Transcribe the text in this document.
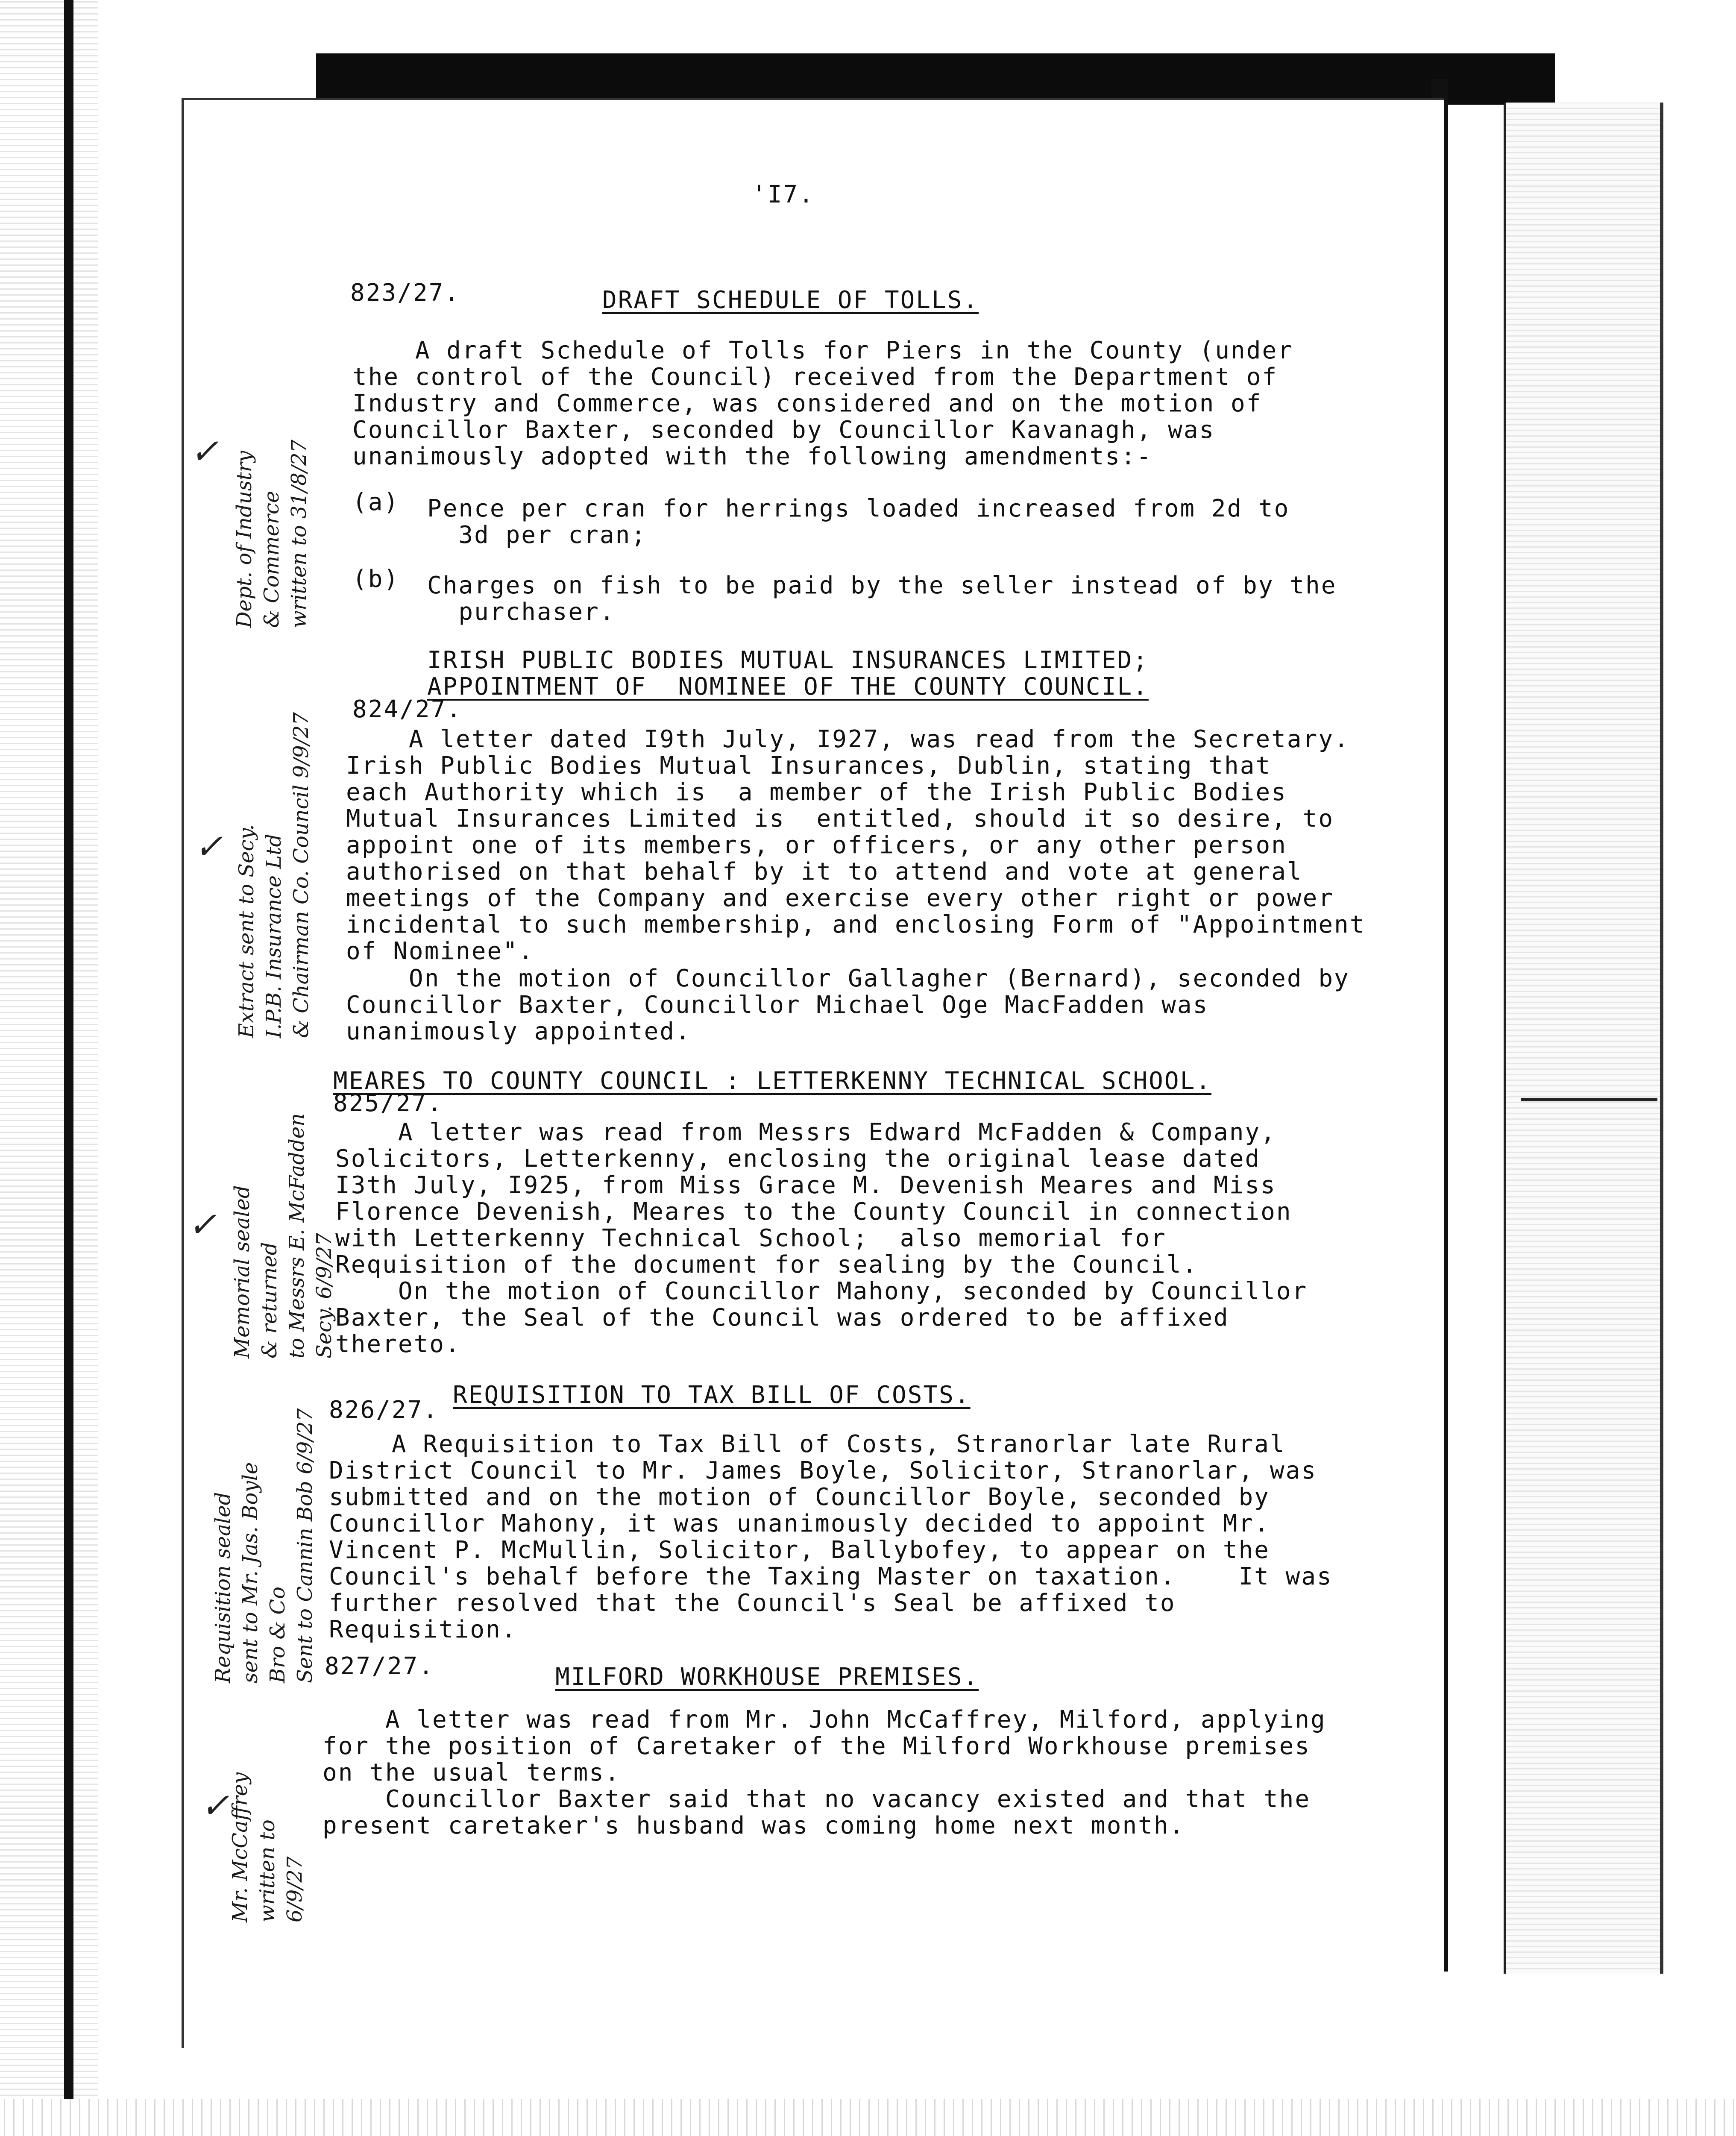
'I7.
823/27.	DRAFT SCHEDULE OF TOLLS.
A draft Schedule of Tolls for Piers in the County (under
the control of the Council) received from the Department of
Industry and Commerce, was considered and on the motion of
Councillor Baxter, seconded by Councillor Kavanagh, was
unanimously adopted with the following amendments:-
(a) Pence per cran for herrings loaded increased from 2d to
3d per cran;
(b) Charges on fish to be paid by the seller instead of by the
purchaser.
IRISH PUBLIC BODIES MUTUAL INSURANCES LIMITED;
APPOINTMENT OF  NOMINEE OF THE COUNTY COUNCIL.
824/27.
A letter dated I9th July, I927, was read from the Secretary.
Irish Public Bodies Mutual Insurances, Dublin, stating that
each Authority which is  a member of the Irish Public Bodies
Mutual Insurances Limited is  entitled, should it so desire, to
appoint one of its members, or officers, or any other person
authorised on that behalf by it to attend and vote at general
meetings of the Company and exercise every other right or power
incidental to such membership, and enclosing Form of "Appointment
of Nominee".
On the motion of Councillor Gallagher (Bernard), seconded by
Councillor Baxter, Councillor Michael Oge MacFadden was
unanimously appointed.
MEARES TO COUNTY COUNCIL : LETTERKENNY TECHNICAL SCHOOL.
825/27.
A letter was read from Messrs Edward McFadden & Company,
Solicitors, Letterkenny, enclosing the original lease dated
I3th July, I925, from Miss Grace M. Devenish Meares and Miss
Florence Devenish, Meares to the County Council in connection
with Letterkenny Technical School;  also memorial for
Requisition of the document for sealing by the Council.
On the motion of Councillor Mahony, seconded by Councillor
Baxter, the Seal of the Council was ordered to be affixed
thereto.
826/27.
REQUISITION TO TAX BILL OF COSTS.
A Requisition to Tax Bill of Costs, Stranorlar late Rural
District Council to Mr. James Boyle, Solicitor, Stranorlar, was
submitted and on the motion of Councillor Boyle, seconded by
Councillor Mahony, it was unanimously decided to appoint Mr.
Vincent P. McMullin, Solicitor, Ballybofey, to appear on the
Council's behalf before the Taxing Master on taxation.    It was
further resolved that the Council's Seal be affixed to
Requisition.
827/27.	MILFORD WORKHOUSE PREMISES.
A letter was read from Mr. John McCaffrey, Milford, applying
for the position of Caretaker of the Milford Workhouse premises
on the usual terms.
Councillor Baxter said that no vacancy existed and that the
present caretaker's husband was coming home next month.
Dept. of Industry & Commerce written to 31/8/27
✓
Extract sent to Secy. I.P.B. Insurance Ltd & Chairman Co. Council 9/9/27
✓
Memorial sealed & returned to Messrs E. McFadden Secy. 6/9/27
✓
Requisition sealed sent to Mr. Jas. Boyle Bro & Co Sent to Cannin Bob 6/9/27
Mr. McCaffrey written to 6/9/27
✓
